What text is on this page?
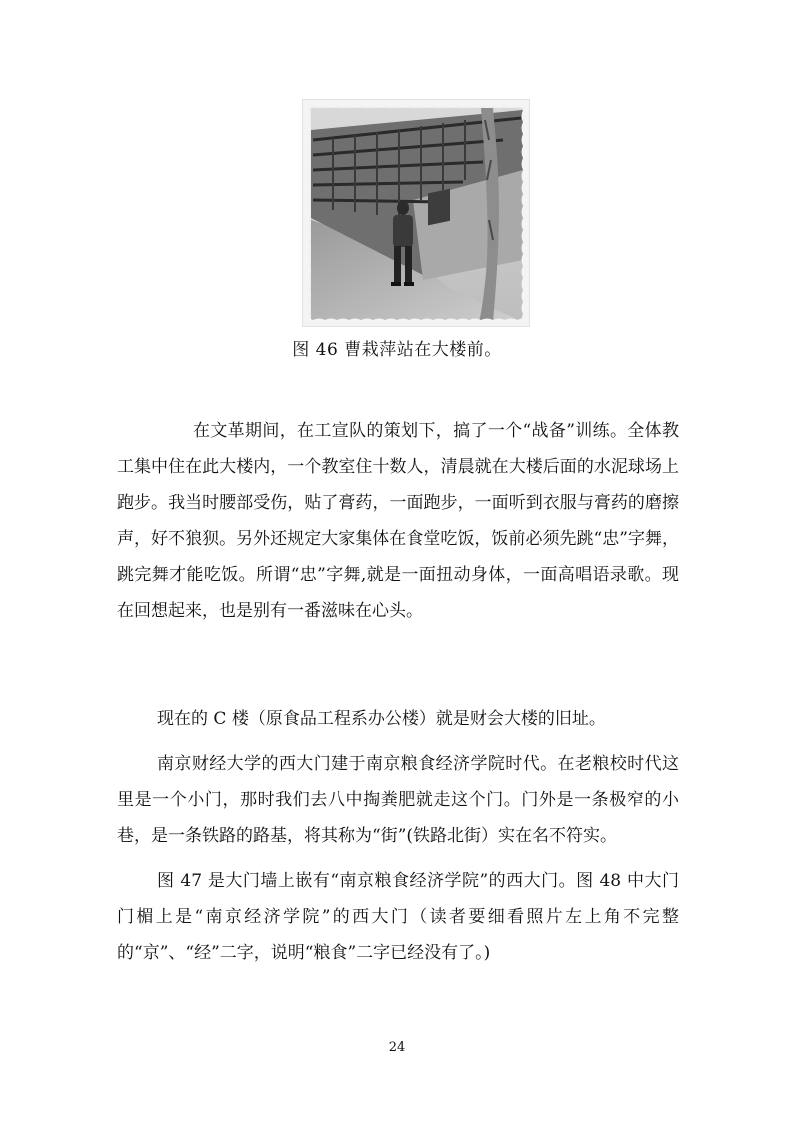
图 46 曹栽萍站在大楼前。

在文革期间，在工宣队的策划下，搞了一个“战备”训练。全体教工集中住在此大楼内，一个教室住十数人，清晨就在大楼后面的水泥球场上跑步。我当时腰部受伤，贴了膏药，一面跑步，一面听到衣服与膏药的磨擦声，好不狼狈。另外还规定大家集体在食堂吃饭，饭前必须先跳“忠”字舞，跳完舞才能吃饭。所谓“忠”字舞,就是一面扭动身体，一面高唱语录歌。现在回想起来，也是别有一番滋味在心头。

现在的 C 楼（原食品工程系办公楼）就是财会大楼的旧址。

南京财经大学的西大门建于南京粮食经济学院时代。在老粮校时代这里是一个小门，那时我们去八中掏粪肥就走这个门。门外是一条极窄的小巷，是一条铁路的路基，将其称为“街”(铁路北街）实在名不符实。

图 47 是大门墙上嵌有“南京粮食经济学院”的西大门。图 48 中大门门楣上是“南京经济学院”的西大门（读者要细看照片左上角不完整的“京”、“经”二字，说明“粮食”二字已经没有了。)

24
